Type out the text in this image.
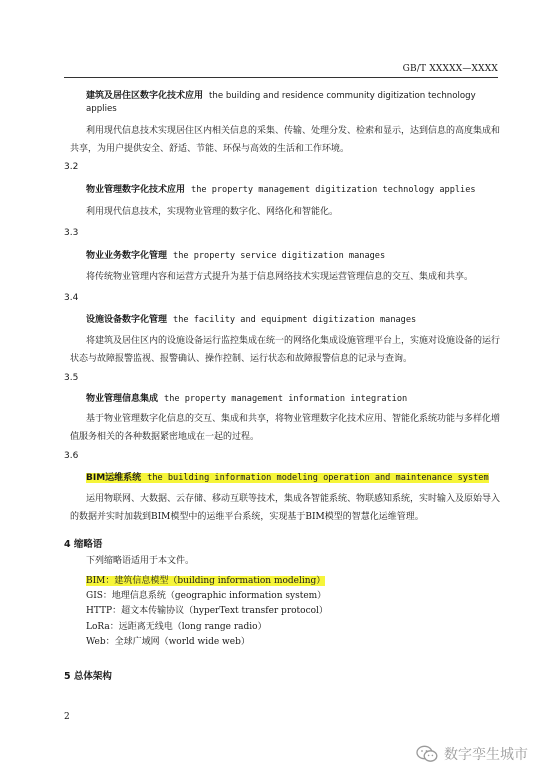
GB/T XXXXX—XXXX
建筑及居住区数字化技术应用 the building and residence community digitization technology applies
利用现代信息技术实现居住区内相关信息的采集、传输、处理分发、检索和显示，达到信息的高度集成和共享，为用户提供安全、舒适、节能、环保与高效的生活和工作环境。
3.2
物业管理数字化技术应用 the property management digitization technology applies
利用现代信息技术，实现物业管理的数字化、网络化和智能化。
3.3
物业业务数字化管理 the property service digitization manages
将传统物业管理内容和运营方式提升为基于信息网络技术实现运营管理信息的交互、集成和共享。
3.4
设施设备数字化管理 the facility and equipment digitization manages
将建筑及居住区内的设施设备运行监控集成在统一的网络化集成设施管理平台上，实施对设施设备的运行状态与故障报警监视、报警确认、操作控制、运行状态和故障报警信息的记录与查询。
3.5
物业管理信息集成 the property management information integration
基于物业管理数字化信息的交互、集成和共享，将物业管理数字化技术应用、智能化系统功能与多样化增值服务相关的各种数据紧密地成在一起的过程。
3.6
BIM运维系统 the building information modeling operation and maintenance system
运用物联网、大数据、云存储、移动互联等技术，集成各智能系统、物联感知系统，实时输入及原始导入的数据并实时加载到BIM模型中的运维平台系统，实现基于BIM模型的智慧化运维管理。
4 缩略语
下列缩略语适用于本文件。
BIM：建筑信息模型（building information modeling）
GIS：地理信息系统（geographic information system）
HTTP：超文本传输协议（hyperText transfer protocol）
LoRa：远距离无线电（long range radio）
Web：全球广域网（world wide web）
5 总体架构
2
数字孪生城市
